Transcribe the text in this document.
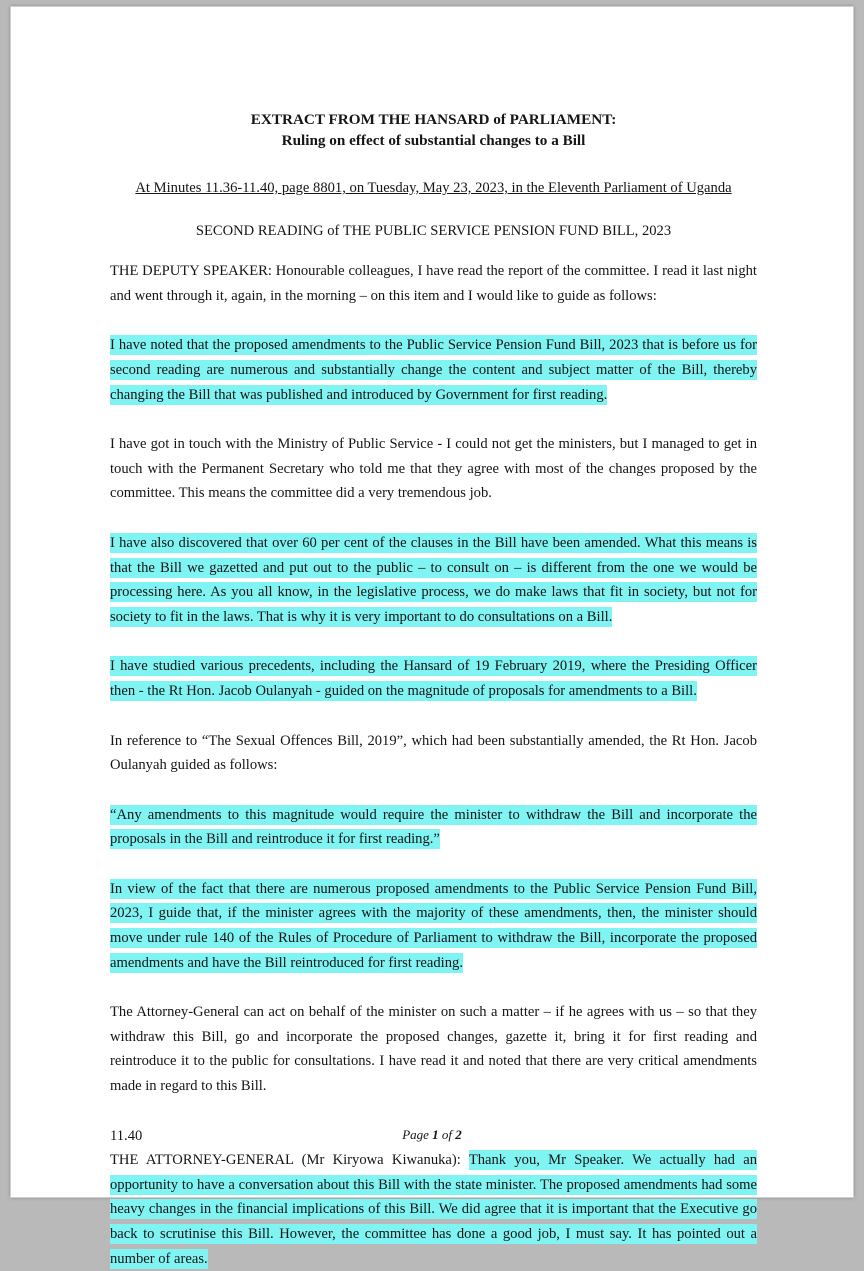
EXTRACT FROM THE HANSARD of PARLIAMENT:
Ruling on effect of substantial changes to a Bill
At Minutes 11.36-11.40, page 8801, on Tuesday, May 23, 2023, in the Eleventh Parliament of Uganda
SECOND READING of THE PUBLIC SERVICE PENSION FUND BILL, 2023

THE DEPUTY SPEAKER: Honourable colleagues, I have read the report of the committee. I read it last night and went through it, again, in the morning – on this item and I would like to guide as follows:

I have noted that the proposed amendments to the Public Service Pension Fund Bill, 2023 that is before us for second reading are numerous and substantially change the content and subject matter of the Bill, thereby changing the Bill that was published and introduced by Government for first reading.

I have got in touch with the Ministry of Public Service - I could not get the ministers, but I managed to get in touch with the Permanent Secretary who told me that they agree with most of the changes proposed by the committee. This means the committee did a very tremendous job.

I have also discovered that over 60 per cent of the clauses in the Bill have been amended. What this means is that the Bill we gazetted and put out to the public – to consult on – is different from the one we would be processing here. As you all know, in the legislative process, we do make laws that fit in society, but not for society to fit in the laws. That is why it is very important to do consultations on a Bill.

I have studied various precedents, including the Hansard of 19 February 2019, where the Presiding Officer then - the Rt Hon. Jacob Oulanyah - guided on the magnitude of proposals for amendments to a Bill.

In reference to “The Sexual Offences Bill, 2019”, which had been substantially amended, the Rt Hon. Jacob Oulanyah guided as follows:

“Any amendments to this magnitude would require the minister to withdraw the Bill and incorporate the proposals in the Bill and reintroduce it for first reading.”

In view of the fact that there are numerous proposed amendments to the Public Service Pension Fund Bill, 2023, I guide that, if the minister agrees with the majority of these amendments, then, the minister should move under rule 140 of the Rules of Procedure of Parliament to withdraw the Bill, incorporate the proposed amendments and have the Bill reintroduced for first reading.

The Attorney-General can act on behalf of the minister on such a matter – if he agrees with us – so that they withdraw this Bill, go and incorporate the proposed changes, gazette it, bring it for first reading and reintroduce it to the public for consultations. I have read it and noted that there are very critical amendments made in regard to this Bill.

11.40

THE ATTORNEY-GENERAL (Mr Kiryowa Kiwanuka): Thank you, Mr Speaker. We actually had an opportunity to have a conversation about this Bill with the state minister. The proposed amendments had some heavy changes in the financial implications of this Bill. We did agree that it is important that the Executive go back to scrutinise this Bill. However, the committee has done a good job, I must say. It has pointed out a number of areas.

Page 1 of 2
